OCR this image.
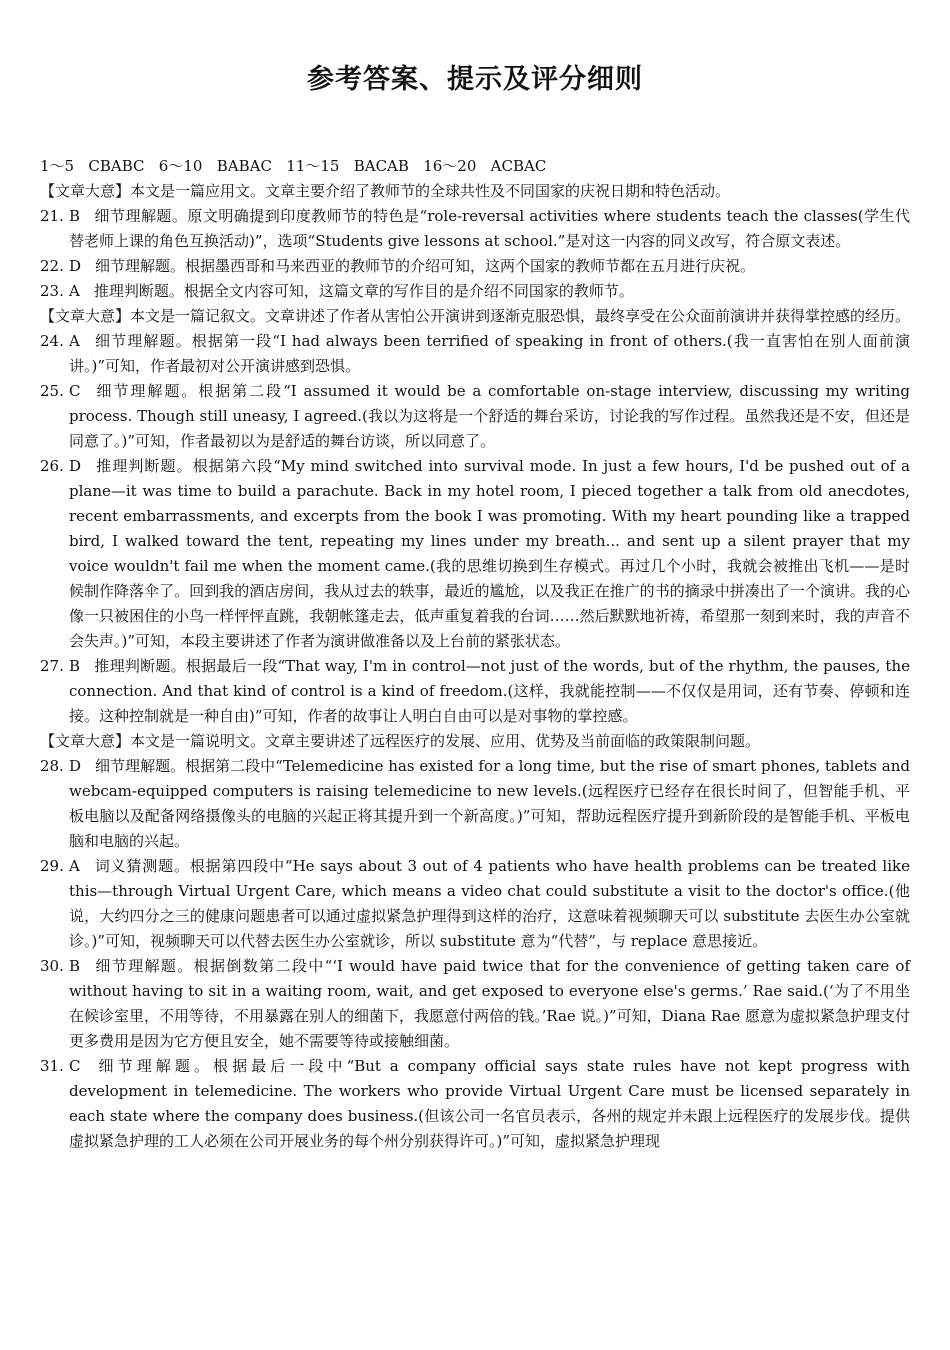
参考答案、提示及评分细则
1～5   CBABC   6～10   BABAC   11～15   BACAB   16～20   ACBAC

【文章大意】本文是一篇应用文。文章主要介绍了教师节的全球共性及不同国家的庆祝日期和特色活动。

21. B 细节理解题。原文明确提到印度教师节的特色是“role-reversal activities where students teach the classes(学生代替老师上课的角色互换活动)”，选项“Students give lessons at school.”是对这一内容的同义改写，符合原文表述。
22. D 细节理解题。根据墨西哥和马来西亚的教师节的介绍可知，这两个国家的教师节都在五月进行庆祝。
23. A 推理判断题。根据全文内容可知，这篇文章的写作目的是介绍不同国家的教师节。

【文章大意】本文是一篇记叙文。文章讲述了作者从害怕公开演讲到逐渐克服恐惧，最终享受在公众面前演讲并获得掌控感的经历。

24. A 细节理解题。根据第一段“I had always been terrified of speaking in front of others.(我一直害怕在别人面前演讲。)”可知，作者最初对公开演讲感到恐惧。
25. C 细节理解题。根据第二段“I assumed it would be a comfortable on-stage interview, discussing my writing process. Though still uneasy, I agreed.(我以为这将是一个舒适的舞台采访，讨论我的写作过程。虽然我还是不安，但还是同意了。)”可知，作者最初以为是舒适的舞台访谈，所以同意了。
26. D 推理判断题。根据第六段“My mind switched into survival mode. In just a few hours, I'd be pushed out of a plane—it was time to build a parachute. Back in my hotel room, I pieced together a talk from old anecdotes, recent embarrassments, and excerpts from the book I was promoting. With my heart pounding like a trapped bird, I walked toward the tent, repeating my lines under my breath... and sent up a silent prayer that my voice wouldn't fail me when the moment came.(我的思维切换到生存模式。再过几个小时，我就会被推出飞机——是时候制作降落伞了。回到我的酒店房间，我从过去的轶事，最近的尴尬，以及我正在推广的书的摘录中拼凑出了一个演讲。我的心像一只被困住的小鸟一样怦怦直跳，我朝帐篷走去，低声重复着我的台词……然后默默地祈祷，希望那一刻到来时，我的声音不会失声。)”可知，本段主要讲述了作者为演讲做准备以及上台前的紧张状态。
27. B 推理判断题。根据最后一段“That way, I'm in control—not just of the words, but of the rhythm, the pauses, the connection. And that kind of control is a kind of freedom.(这样，我就能控制——不仅仅是用词，还有节奏、停顿和连接。这种控制就是一种自由)”可知，作者的故事让人明白自由可以是对事物的掌控感。

【文章大意】本文是一篇说明文。文章主要讲述了远程医疗的发展、应用、优势及当前面临的政策限制问题。

28. D 细节理解题。根据第二段中“Telemedicine has existed for a long time, but the rise of smart phones, tablets and webcam-equipped computers is raising telemedicine to new levels.(远程医疗已经存在很长时间了，但智能手机、平板电脑以及配备网络摄像头的电脑的兴起正将其提升到一个新高度。)”可知，帮助远程医疗提升到新阶段的是智能手机、平板电脑和电脑的兴起。
29. A 词义猜测题。根据第四段中“He says about 3 out of 4 patients who have health problems can be treated like this—through Virtual Urgent Care, which means a video chat could substitute a visit to the doctor's office.(他说，大约四分之三的健康问题患者可以通过虚拟紧急护理得到这样的治疗，这意味着视频聊天可以 substitute 去医生办公室就诊。)”可知，视频聊天可以代替去医生办公室就诊，所以 substitute 意为“代替”，与 replace 意思接近。
30. B 细节理解题。根据倒数第二段中“‘I would have paid twice that for the convenience of getting taken care of without having to sit in a waiting room, wait, and get exposed to everyone else's germs.’ Rae said.(‘为了不用坐在候诊室里，不用等待，不用暴露在别人的细菌下，我愿意付两倍的钱。’Rae 说。)”可知，Diana Rae 愿意为虚拟紧急护理支付更多费用是因为它方便且安全，她不需要等待或接触细菌。
31. C 细节理解题。根据最后一段中“But a company official says state rules have not kept progress with development in telemedicine. The workers who provide Virtual Urgent Care must be licensed separately in each state where the company does business.(但该公司一名官员表示，各州的规定并未跟上远程医疗的发展步伐。提供虚拟紧急护理的工人必须在公司开展业务的每个州分别获得许可。)”可知，虚拟紧急护理现
